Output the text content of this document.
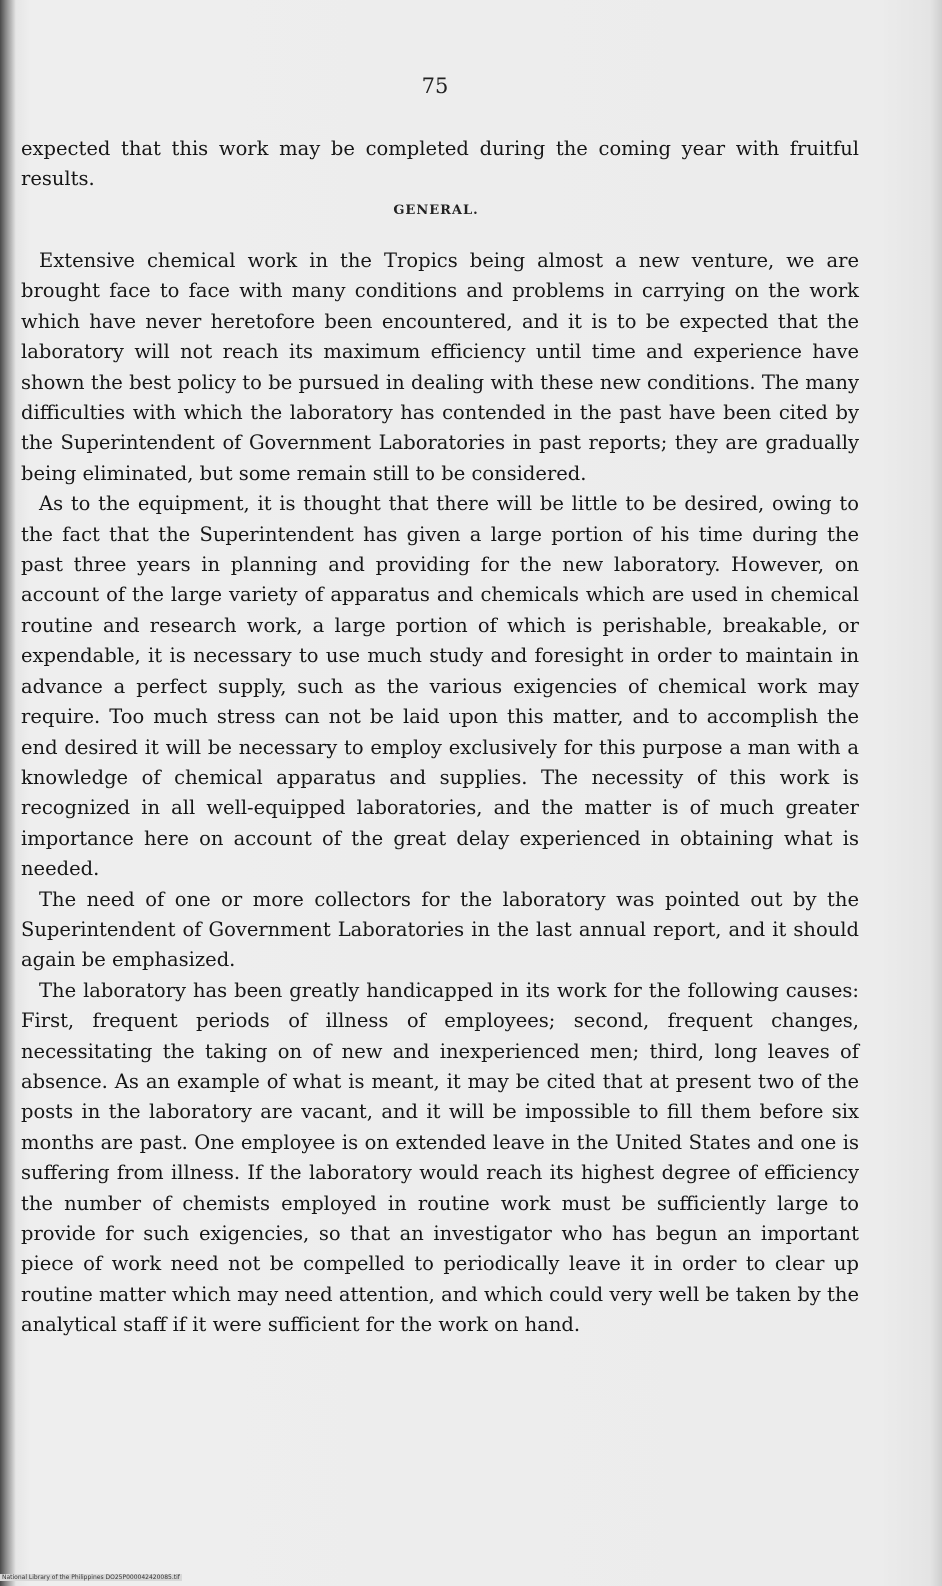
75

expected that this work may be completed during the coming year with fruitful results.

GENERAL.

Extensive chemical work in the Tropics being almost a new venture, we are brought face to face with many conditions and problems in carrying on the work which have never heretofore been encountered, and it is to be expected that the laboratory will not reach its maximum efficiency until time and experience have shown the best policy to be pursued in dealing with these new conditions. The many difficulties with which the laboratory has contended in the past have been cited by the Superintendent of Government Laboratories in past reports; they are gradually being eliminated, but some remain still to be considered.

As to the equipment, it is thought that there will be little to be desired, owing to the fact that the Superintendent has given a large portion of his time during the past three years in planning and providing for the new laboratory. However, on account of the large variety of apparatus and chemicals which are used in chemical routine and research work, a large portion of which is perishable, breakable, or expendable, it is necessary to use much study and foresight in order to maintain in advance a perfect supply, such as the various exigencies of chemical work may require. Too much stress can not be laid upon this matter, and to accomplish the end desired it will be necessary to employ exclusively for this purpose a man with a knowledge of chemical apparatus and supplies. The necessity of this work is recognized in all well-equipped laboratories, and the matter is of much greater importance here on account of the great delay experienced in obtaining what is needed.

The need of one or more collectors for the laboratory was pointed out by the Superintendent of Government Laboratories in the last annual report, and it should again be emphasized.

The laboratory has been greatly handicapped in its work for the following causes: First, frequent periods of illness of employees; second, frequent changes, necessitating the taking on of new and inexperienced men; third, long leaves of absence. As an example of what is meant, it may be cited that at present two of the posts in the laboratory are vacant, and it will be impossible to fill them before six months are past. One employee is on extended leave in the United States and one is suffering from illness. If the laboratory would reach its highest degree of efficiency the number of chemists employed in routine work must be sufficiently large to provide for such exigencies, so that an investigator who has begun an important piece of work need not be compelled to periodically leave it in order to clear up routine matter which may need attention, and which could very well be taken by the analytical staff if it were sufficient for the work on hand.

National Library of the Philippines DO25P000042420085.tif
